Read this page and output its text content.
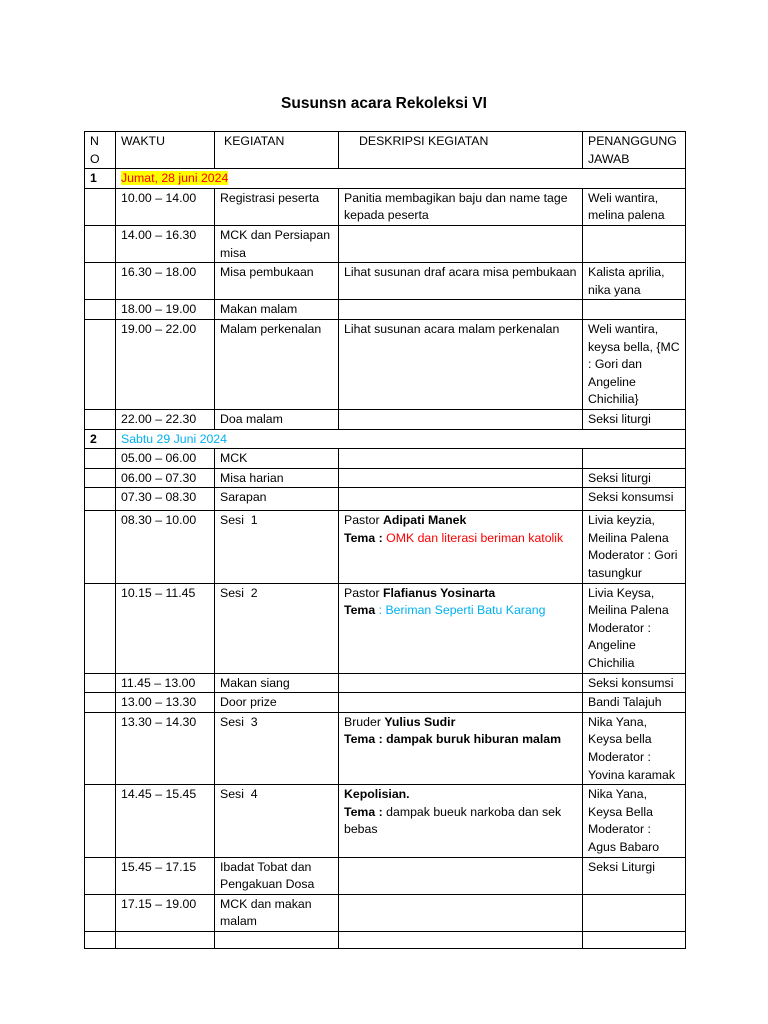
Susunsn acara Rekoleksi VI
N O	WAKTU	KEGIATAN	DESKRIPSI KEGIATAN	PENANGGUNG JAWAB
1	Jumat, 28 juni 2024			
	10.00 – 14.00	Registrasi peserta	Panitia membagikan baju dan name tage kepada peserta	Weli wantira, melina palena
	14.00 – 16.30	MCK dan Persiapan misa		
	16.30 – 18.00	Misa pembukaan	Lihat susunan draf acara misa pembukaan	Kalista aprilia, nika yana
	18.00 – 19.00	Makan malam		
	19.00 – 22.00	Malam perkenalan	Lihat susunan acara malam perkenalan	Weli wantira, keysa bella, {MC : Gori dan Angeline Chichilia}
	22.00 – 22.30	Doa malam		Seksi liturgi
2	Sabtu 29 Juni 2024			
	05.00 – 06.00	MCK		
	06.00 – 07.30	Misa harian		Seksi liturgi
	07.30 – 08.30	Sarapan		Seksi konsumsi
	08.30 – 10.00	Sesi 1	Pastor Adipati Manek
Tema : OMK dan literasi beriman katolik	Livia keyzia, Meilina Palena Moderator : Gori tasungkur
	10.15 – 11.45	Sesi 2	Pastor Flafianus Yosinarta
Tema : Beriman Seperti Batu Karang	Livia Keysa, Meilina Palena Moderator : Angeline Chichilia
	11.45 – 13.00	Makan siang		Seksi konsumsi
	13.00 – 13.30	Door prize		Bandi Talajuh
	13.30 – 14.30	Sesi 3	Bruder Yulius Sudir
Tema : dampak buruk hiburan malam	Nika Yana, Keysa bella Moderator : Yovina karamak
	14.45 – 15.45	Sesi 4	Kepolisian.
Tema : dampak bueuk narkoba dan sek bebas	Nika Yana, Keysa Bella Moderator : Agus Babaro
	15.45 – 17.15	Ibadat Tobat dan Pengakuan Dosa		Seksi Liturgi
	17.15 – 19.00	MCK dan makan malam		
